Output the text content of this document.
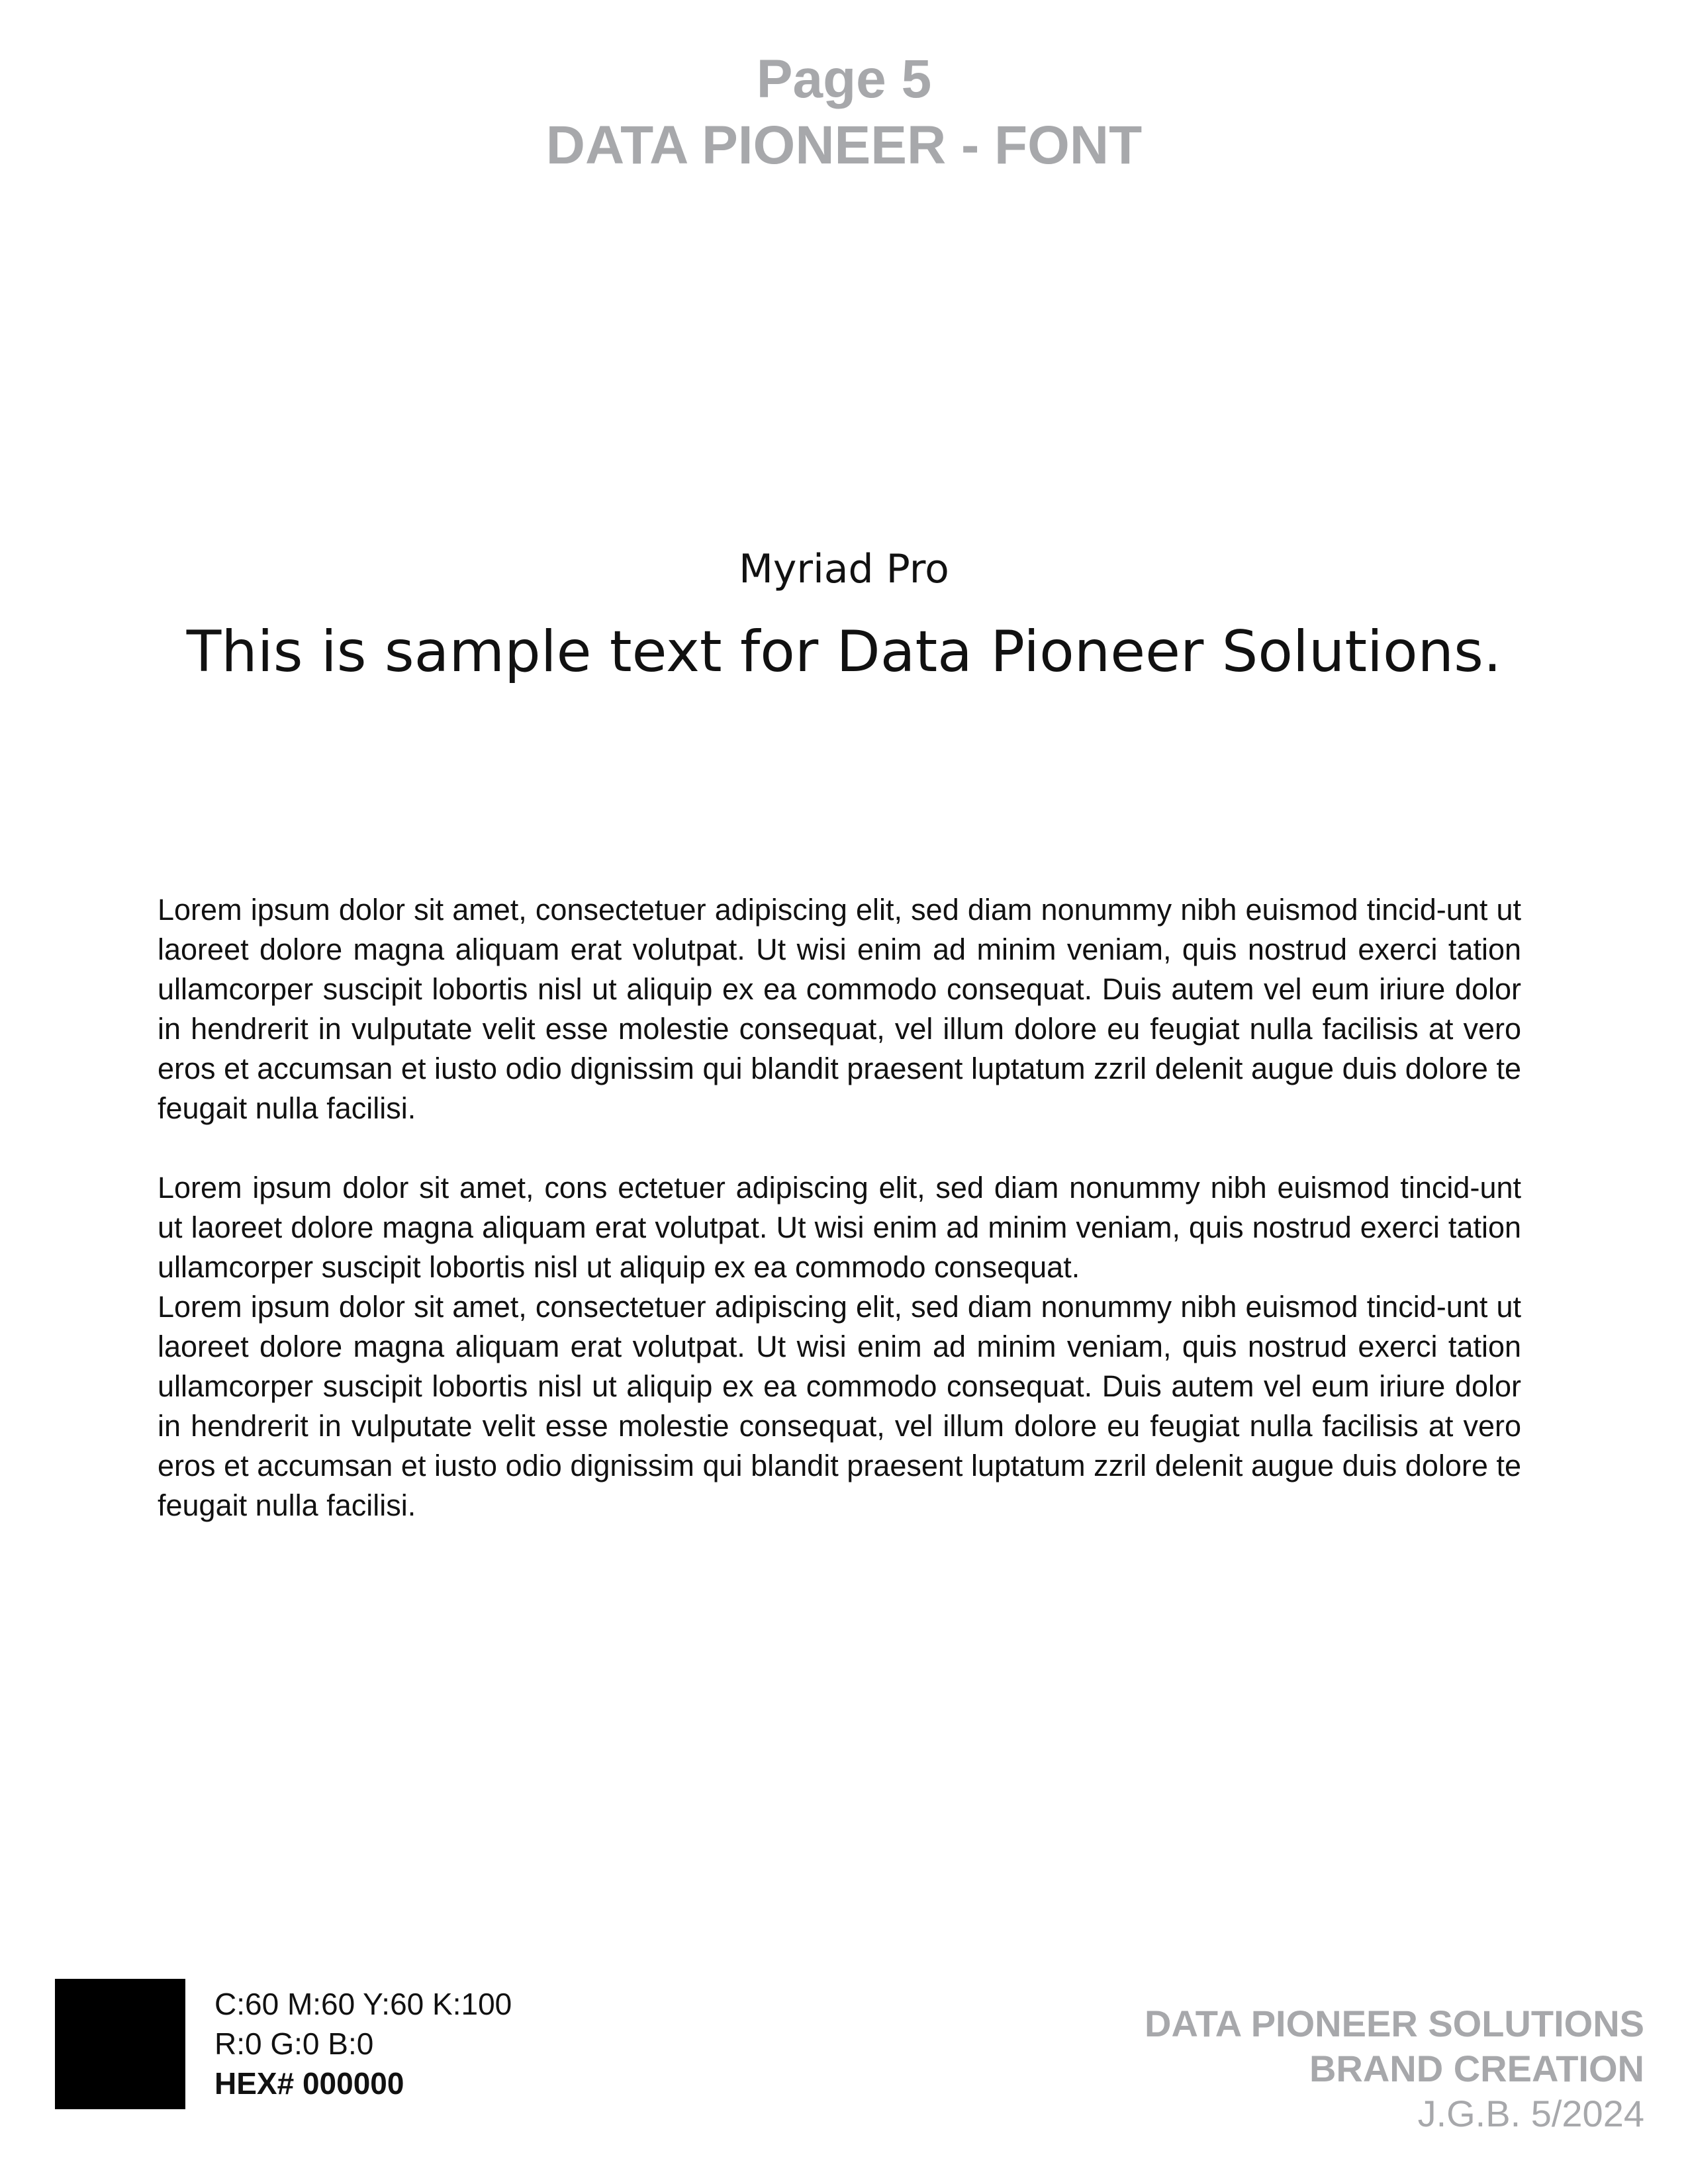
Page 5
DATA PIONEER - FONT
Myriad Pro
This is sample text for Data Pioneer Solutions.

Lorem ipsum dolor sit amet, consectetuer adipiscing elit, sed diam nonummy nibh euismod tincid-unt ut laoreet dolore magna aliquam erat volutpat. Ut wisi enim ad minim veniam, quis nostrud exerci tation ullamcorper suscipit lobortis nisl ut aliquip ex ea commodo consequat. Duis autem vel eum iriure dolor in hendrerit in vulputate velit esse molestie consequat, vel illum dolore eu feugiat nulla facilisis at vero eros et accumsan et iusto odio dignissim qui blandit praesent luptatum zzril delenit augue duis dolore te feugait nulla facilisi.

Lorem ipsum dolor sit amet, cons ectetuer adipiscing elit, sed diam nonummy nibh euismod tincid-unt ut laoreet dolore magna aliquam erat volutpat. Ut wisi enim ad minim veniam, quis nostrud exerci tation ullamcorper suscipit lobortis nisl ut aliquip ex ea commodo consequat.

Lorem ipsum dolor sit amet, consectetuer adipiscing elit, sed diam nonummy nibh euismod tincid-unt ut laoreet dolore magna aliquam erat volutpat. Ut wisi enim ad minim veniam, quis nostrud exerci tation ullamcorper suscipit lobortis nisl ut aliquip ex ea commodo consequat. Duis autem vel eum iriure dolor in hendrerit in vulputate velit esse molestie consequat, vel illum dolore eu feugiat nulla facilisis at vero eros et accumsan et iusto odio dignissim qui blandit praesent luptatum zzril delenit augue duis dolore te feugait nulla facilisi.

C:60 M:60 Y:60 K:100
R:0 G:0 B:0
HEX# 000000
DATA PIONEER SOLUTIONS
BRAND CREATION
J.G.B. 5/2024
